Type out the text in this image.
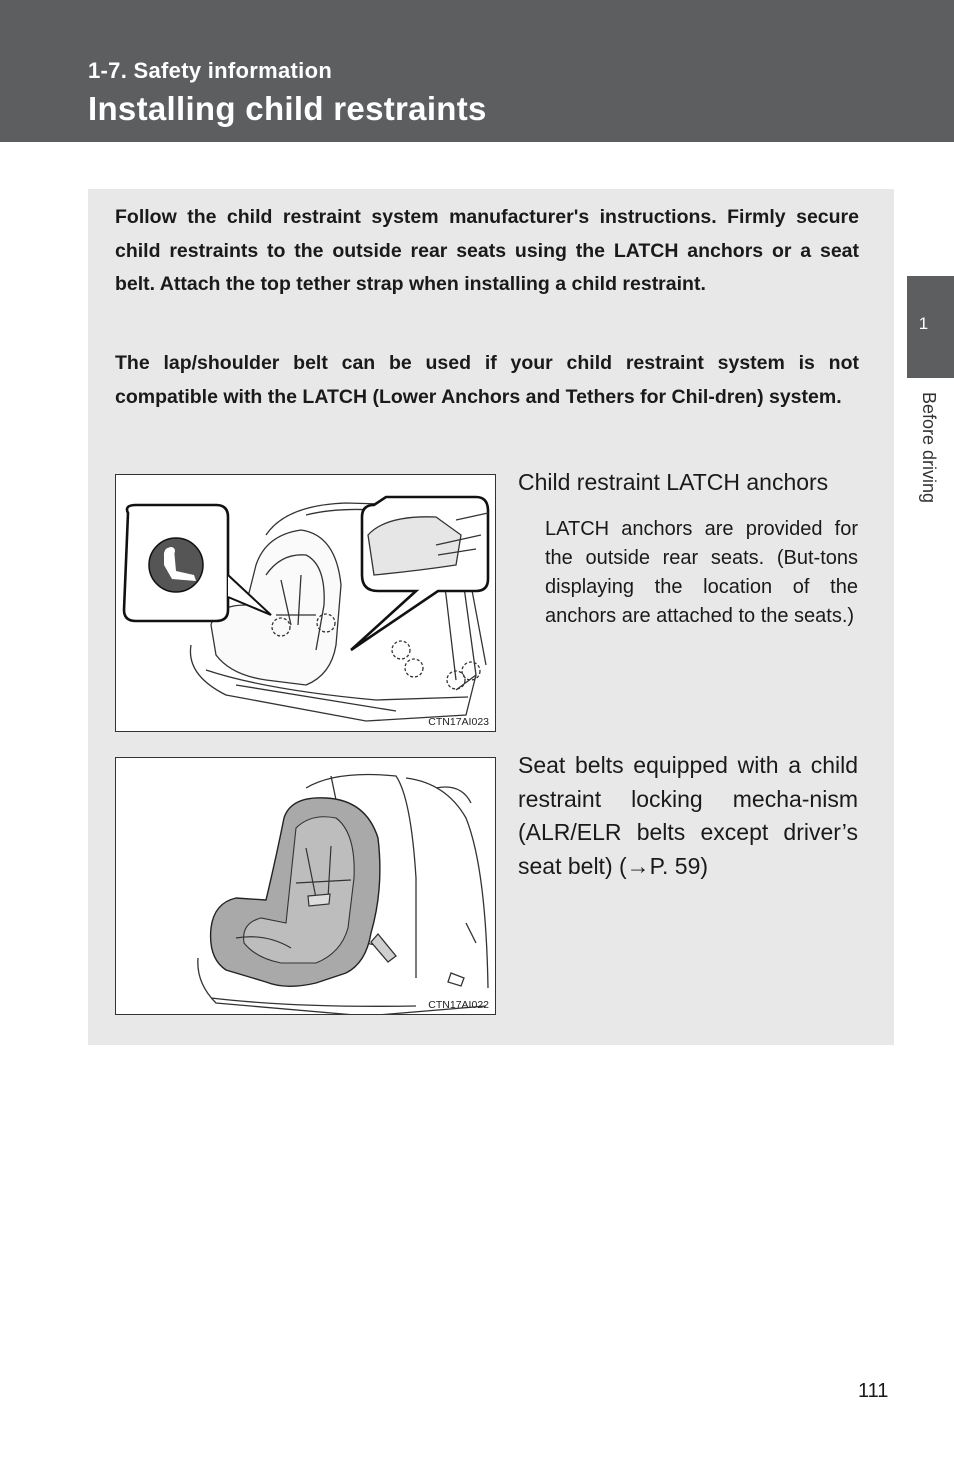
1-7. Safety information
Installing child restraints
1
Before driving

Follow the child restraint system manufacturer's instructions. Firmly secure child restraints to the outside rear seats using the LATCH anchors or a seat belt. Attach the top tether strap when installing a child restraint.

The lap/shoulder belt can be used if your child restraint system is not compatible with the LATCH (Lower Anchors and Tethers for Chil-dren) system.

CTN17AI023

Child restraint LATCH anchors

LATCH anchors are provided for the outside rear seats. (But-tons displaying the location of the anchors are attached to the seats.)

CTN17AI022

Seat belts equipped with a child restraint locking mecha-nism (ALR/ELR belts except driver’s seat belt) (→P. 59)

111
